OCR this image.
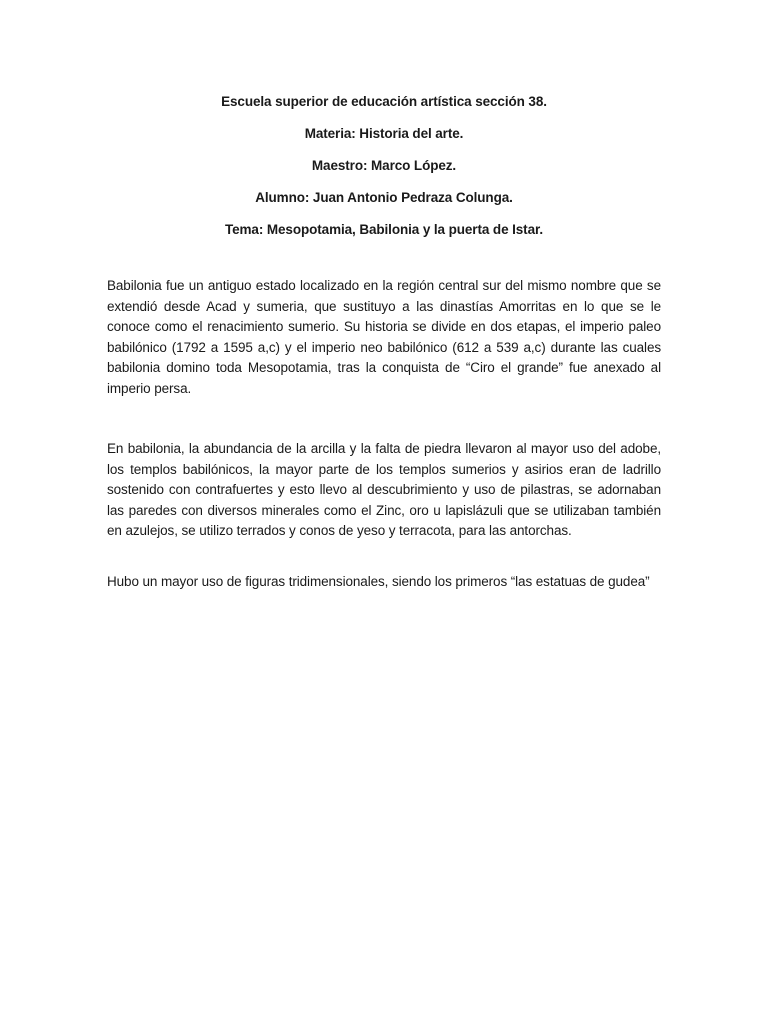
Escuela superior de educación artística sección 38.
Materia: Historia del arte.
Maestro: Marco López.
Alumno: Juan Antonio Pedraza Colunga.
Tema: Mesopotamia, Babilonia y la puerta de Istar.

Babilonia fue un antiguo estado localizado en la región central sur del mismo nombre que se extendió desde Acad y sumeria, que sustituyo a las dinastías Amorritas en lo que se le conoce como el renacimiento sumerio. Su historia se divide en dos etapas, el imperio paleo babilónico (1792 a 1595 a,c) y el imperio neo babilónico (612 a 539 a,c) durante las cuales babilonia domino toda Mesopotamia, tras la conquista de “Ciro el grande” fue anexado al imperio persa.

En babilonia, la abundancia de la arcilla y la falta de piedra llevaron al mayor uso del adobe, los templos babilónicos, la mayor parte de los templos sumerios y asirios eran de ladrillo sostenido con contrafuertes y esto llevo al descubrimiento y uso de pilastras, se adornaban las paredes con diversos minerales como el Zinc, oro u lapislázuli que se utilizaban también en azulejos, se utilizo terrados y conos de yeso y terracota, para las antorchas.

Hubo un mayor uso de figuras tridimensionales, siendo los primeros “las estatuas de gudea”
